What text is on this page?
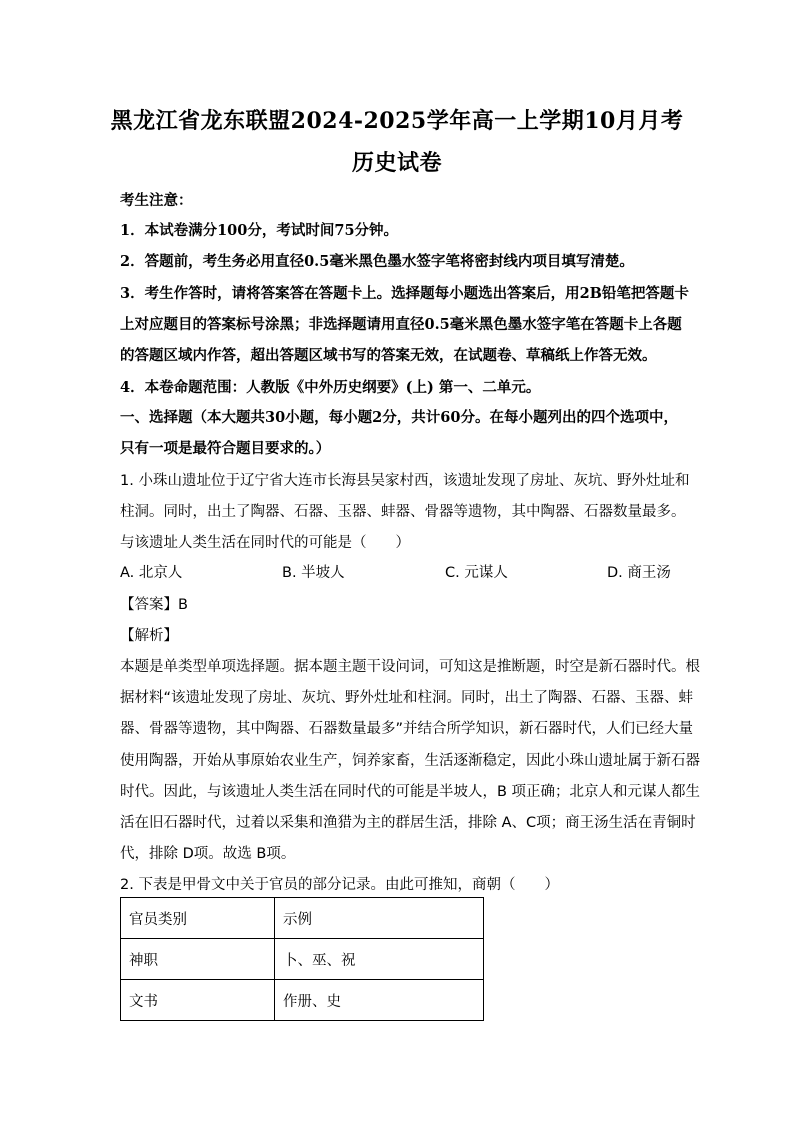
黑龙江省龙东联盟2024-2025学年高一上学期10月月考
历史试卷
考生注意：
1．本试卷满分100分，考试时间75分钟。
2．答题前，考生务必用直径0.5毫米黑色墨水签字笔将密封线内项目填写清楚。
3．考生作答时，请将答案答在答题卡上。选择题每小题选出答案后，用2B铅笔把答题卡
上对应题目的答案标号涂黑；非选择题请用直径0.5毫米黑色墨水签字笔在答题卡上各题
的答题区域内作答，超出答题区域书写的答案无效，在试题卷、草稿纸上作答无效。
4．本卷命题范围：人教版《中外历史纲要》(上) 第一、二单元。
一、选择题（本大题共30小题，每小题2分，共计60分。在每小题列出的四个选项中，
只有一项是最符合题目要求的。）
1. 小珠山遗址位于辽宁省大连市长海县吴家村西，该遗址发现了房址、灰坑、野外灶址和
柱洞。同时，出土了陶器、石器、玉器、蚌器、骨器等遗物，其中陶器、石器数量最多。
与该遗址人类生活在同时代的可能是（　　）
A. 北京人	B. 半坡人	C. 元谋人	D. 商王汤
【答案】B
【解析】
本题是单类型单项选择题。据本题主题干设问词，可知这是推断题，时空是新石器时代。根
据材料“该遗址发现了房址、灰坑、野外灶址和柱洞。同时，出土了陶器、石器、玉器、蚌
器、骨器等遗物，其中陶器、石器数量最多”并结合所学知识，新石器时代，人们已经大量
使用陶器，开始从事原始农业生产，饲养家畜，生活逐渐稳定，因此小珠山遗址属于新石器
时代。因此，与该遗址人类生活在同时代的可能是半坡人，B 项正确；北京人和元谋人都生
活在旧石器时代，过着以采集和渔猎为主的群居生活，排除 A、C项；商王汤生活在青铜时
代，排除 D项。故选 B项。
2. 下表是甲骨文中关于官员的部分记录。由此可推知，商朝（　　）
官员类别	示例
神职	卜、巫、祝
文书	作册、史
